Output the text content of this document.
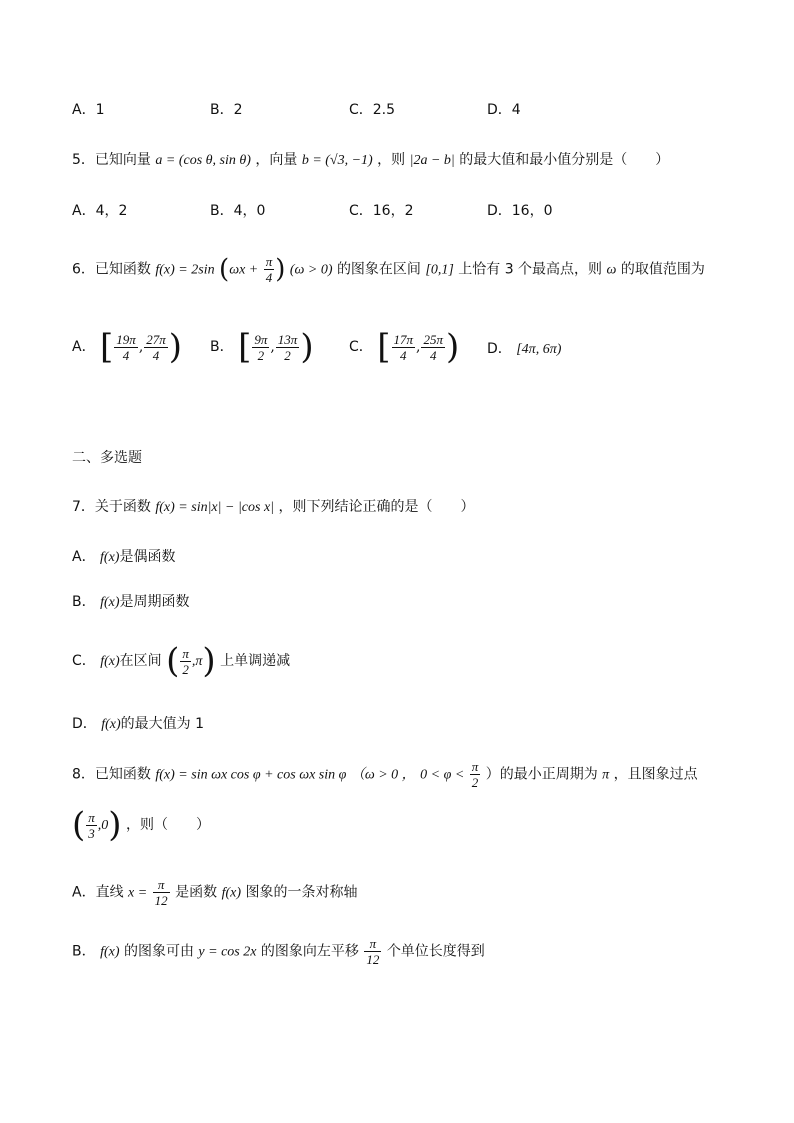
A．1	B．2	C．2.5	D．4
5．已知向量 a = (cos θ, sin θ) ，向量 b = (√3, −1) ，则 |2a − b| 的最大值和最小值分别是（　　）
A．4，2	B．4，0	C．16，2	D．16，0
6．已知函数 f(x) = 2sin ($\omega x + \frac{\pi}{4}$ ) (ω > 0) 的图象在区间 [0,1] 上恰有 3 个最高点，则 ω 的取值范围为
A． [ $\frac{19\pi}{4}$ , $\frac{27\pi}{4}$ ) B． [ $\frac{9\pi}{2}$ , $\frac{13\pi}{2}$ )	C． [ $\frac{17\pi}{4}$ , $\frac{25\pi}{4}$ ) D． [4π, 6π)
二、多选题
7．关于函数 f(x) = sin|x| − |cos x| ，则下列结论正确的是（　　）
A． f(x)是偶函数
B． f(x)是周期函数
C． f(x)在区间 ( $\frac{\pi}{2} ,\pi$) 上单调递减
D． f(x)的最大值为 1
8．已知函数 f(x) = sin ωx cos φ + cos ωx sin φ （ω > 0 ， $0 < \varphi < \frac{\pi}{2}$ ）的最小正周期为 π ，且图象过点
( $\frac{\pi}{3} ,0$) ，则（　　）
A．直线 $x = \frac{\pi}{12}$ 是函数 f(x) 图象的一条对称轴
B． f(x) 的图象可由 y = cos 2x 的图象向左平移 $\frac{\pi}{12}$ 个单位长度得到
